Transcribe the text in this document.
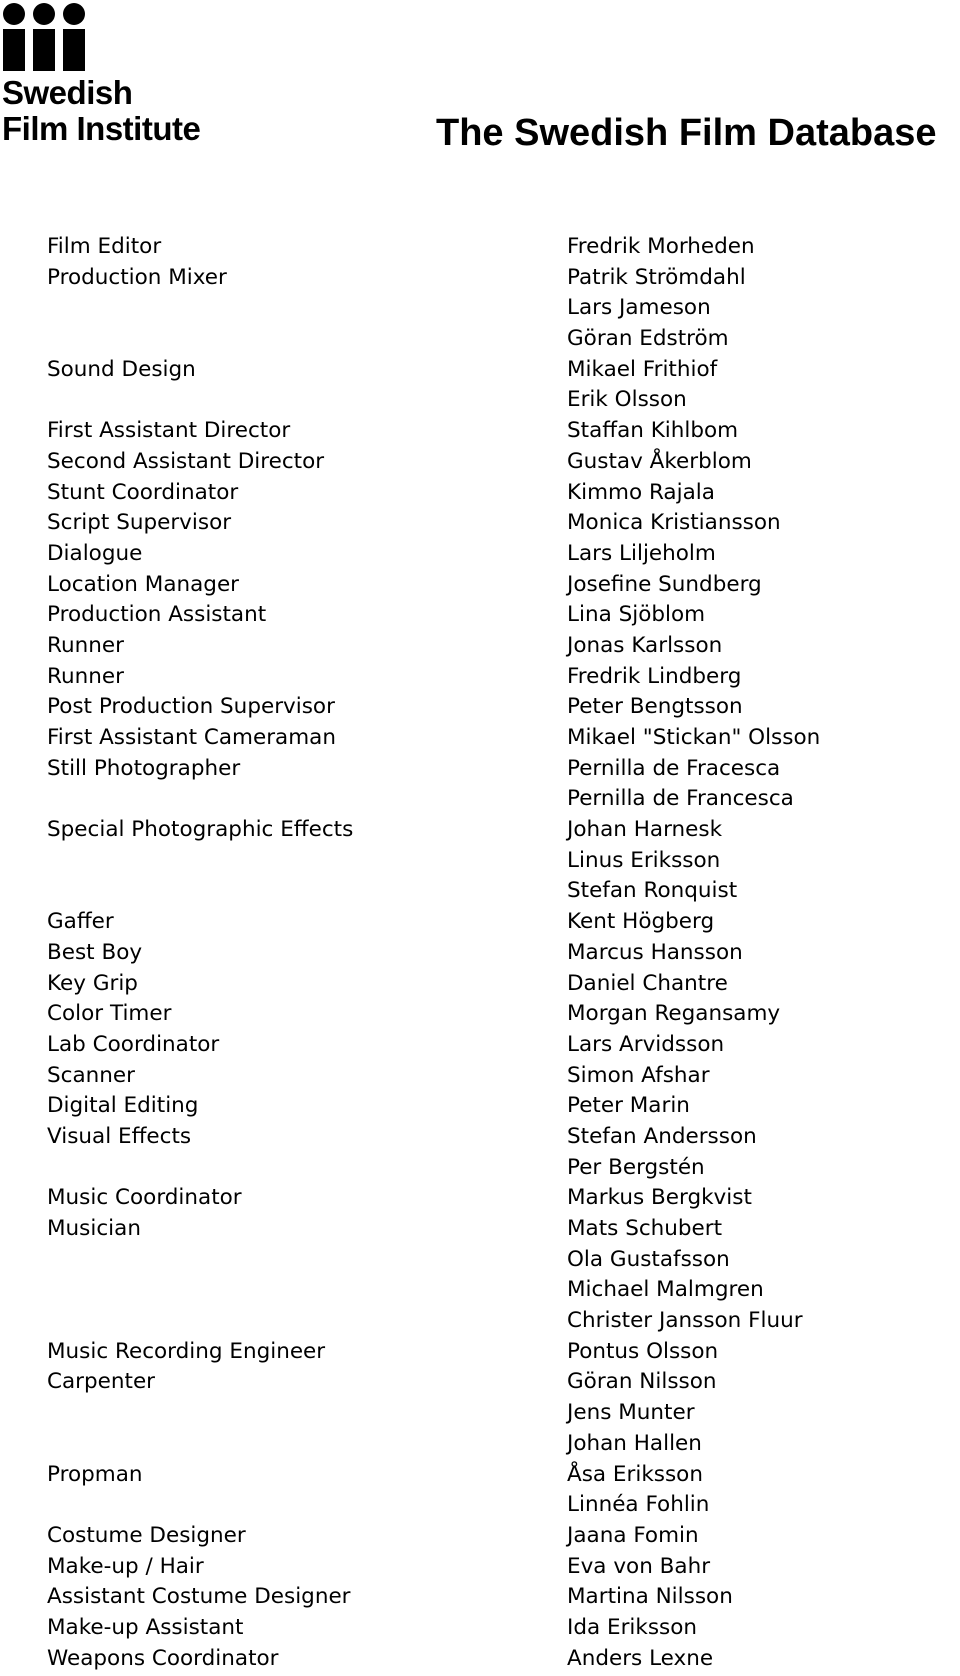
Swedish
Film Institute	The Swedish Film Database
Film Editor
Production Mixer
Sound Design
First Assistant Director
Second Assistant Director
Stunt Coordinator
Script Supervisor
Dialogue
Location Manager
Production Assistant
Runner
Runner
Post Production Supervisor
First Assistant Cameraman
Still Photographer
Special Photographic Effects
Gaffer
Best Boy
Key Grip
Color Timer
Lab Coordinator
Scanner
Digital Editing
Visual Effects
Music Coordinator
Musician
Music Recording Engineer
Carpenter
Propman
Costume Designer
Make-up / Hair
Assistant Costume Designer
Make-up Assistant
Weapons Coordinator
Fredrik Morheden
Patrik Strömdahl
Lars Jameson
Göran Edström
Mikael Frithiof
Erik Olsson
Staffan Kihlbom
Gustav Åkerblom
Kimmo Rajala
Monica Kristiansson
Lars Liljeholm
Josefine Sundberg
Lina Sjöblom
Jonas Karlsson
Fredrik Lindberg
Peter Bengtsson
Mikael "Stickan" Olsson
Pernilla de Fracesca
Pernilla de Francesca
Johan Harnesk
Linus Eriksson
Stefan Ronquist
Kent Högberg
Marcus Hansson
Daniel Chantre
Morgan Regansamy
Lars Arvidsson
Simon Afshar
Peter Marin
Stefan Andersson
Per Bergstén
Markus Bergkvist
Mats Schubert
Ola Gustafsson
Michael Malmgren
Christer Jansson Fluur
Pontus Olsson
Göran Nilsson
Jens Munter
Johan Hallen
Åsa Eriksson
Linnéa Fohlin
Jaana Fomin
Eva von Bahr
Martina Nilsson
Ida Eriksson
Anders Lexne
